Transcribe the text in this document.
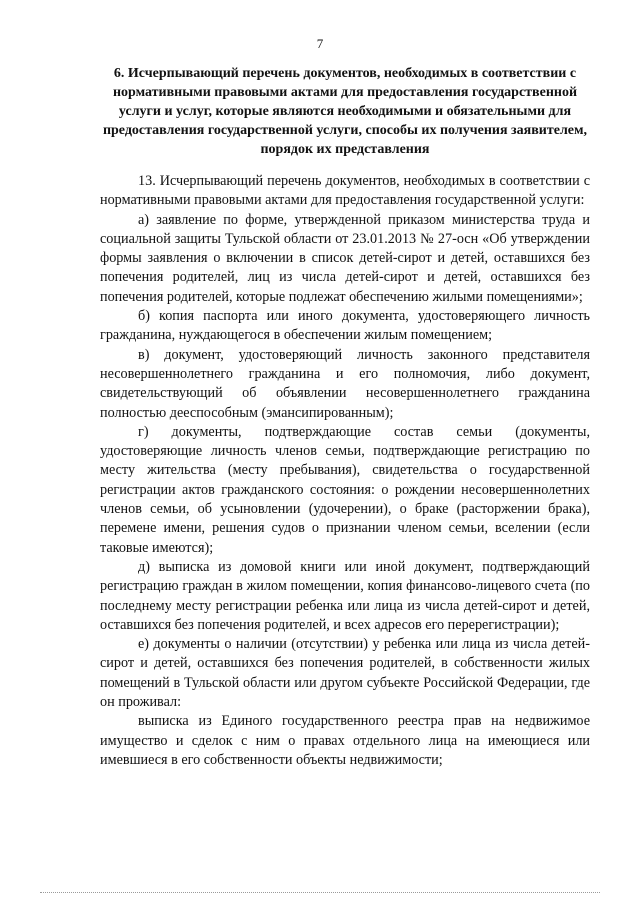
7
6. Исчерпывающий перечень документов, необходимых в соответствии с нормативными правовыми актами для предоставления государственной услуги и услуг, которые являются необходимыми и обязательными для предоставления государственной услуги, способы их получения заявителем, порядок их представления

13. Исчерпывающий перечень документов, необходимых в соответствии с нормативными правовыми актами для предоставления государственной услуги:

а) заявление по форме, утвержденной приказом министерства труда и социальной защиты Тульской области от 23.01.2013 № 27-осн «Об утверждении формы заявления о включении в список детей-сирот и детей, оставшихся без попечения родителей, лиц из числа детей-сирот и детей, оставшихся без попечения родителей, которые подлежат обеспечению жилыми помещениями»;

б) копия паспорта или иного документа, удостоверяющего личность гражданина, нуждающегося в обеспечении жилым помещением;

в) документ, удостоверяющий личность законного представителя несовершеннолетнего гражданина и его полномочия, либо документ, свидетельствующий об объявлении несовершеннолетнего гражданина полностью дееспособным (эмансипированным);

г) документы, подтверждающие состав семьи (документы, удостоверяющие личность членов семьи, подтверждающие регистрацию по месту жительства (месту пребывания), свидетельства о государственной регистрации актов гражданского состояния: о рождении несовершеннолетних членов семьи, об усыновлении (удочерении), о браке (расторжении брака), перемене имени, решения судов о признании членом семьи, вселении (если таковые имеются);

д) выписка из домовой книги или иной документ, подтверждающий регистрацию граждан в жилом помещении, копия финансово-лицевого счета (по последнему месту регистрации ребенка или лица из числа детей-сирот и детей, оставшихся без попечения родителей, и всех адресов его перерегистрации);

е) документы о наличии (отсутствии) у ребенка или лица из числа детей-сирот и детей, оставшихся без попечения родителей, в собственности жилых помещений в Тульской области или другом субъекте Российской Федерации, где он проживал:

выписка из Единого государственного реестра прав на недвижимое имущество и сделок с ним о правах отдельного лица на имеющиеся или имевшиеся в его собственности объекты недвижимости;
